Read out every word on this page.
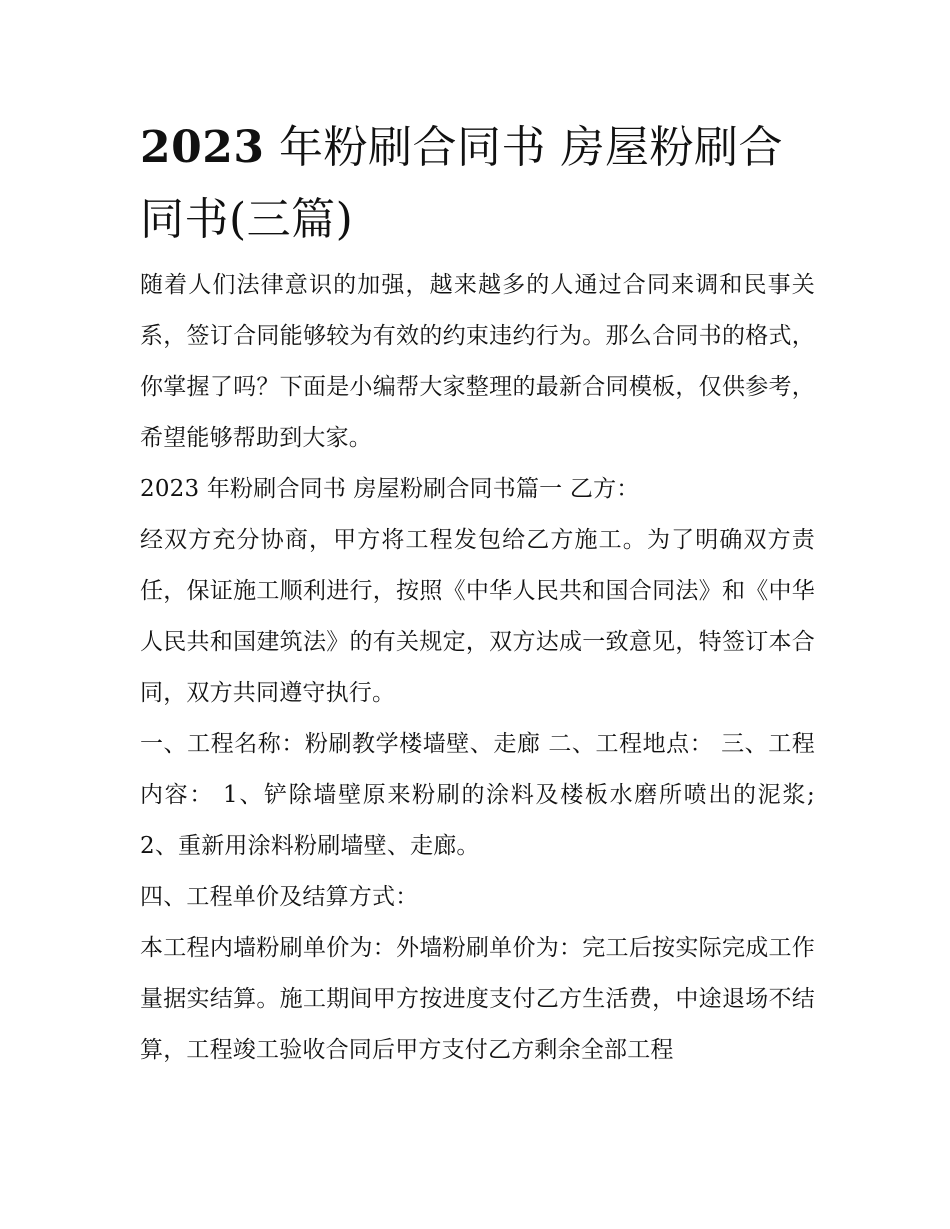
2023 年粉刷合同书 房屋粉刷合同书(三篇)

随着人们法律意识的加强，越来越多的人通过合同来调和民事关系，签订合同能够较为有效的约束违约行为。那么合同书的格式，你掌握了吗？下面是小编帮大家整理的最新合同模板，仅供参考，希望能够帮助到大家。

2023 年粉刷合同书 房屋粉刷合同书篇一 乙方：

经双方充分协商，甲方将工程发包给乙方施工。为了明确双方责任，保证施工顺利进行，按照《中华人民共和国合同法》和《中华人民共和国建筑法》的有关规定，双方达成一致意见，特签订本合同，双方共同遵守执行。

一、工程名称：粉刷教学楼墙壁、走廊 二、工程地点： 三、工程内容： 1、铲除墙壁原来粉刷的涂料及楼板水磨所喷出的泥浆; 2、重新用涂料粉刷墙壁、走廊。

四、工程单价及结算方式：

本工程内墙粉刷单价为：外墙粉刷单价为：完工后按实际完成工作量据实结算。施工期间甲方按进度支付乙方生活费，中途退场不结算，工程竣工验收合同后甲方支付乙方剩余全部工程
